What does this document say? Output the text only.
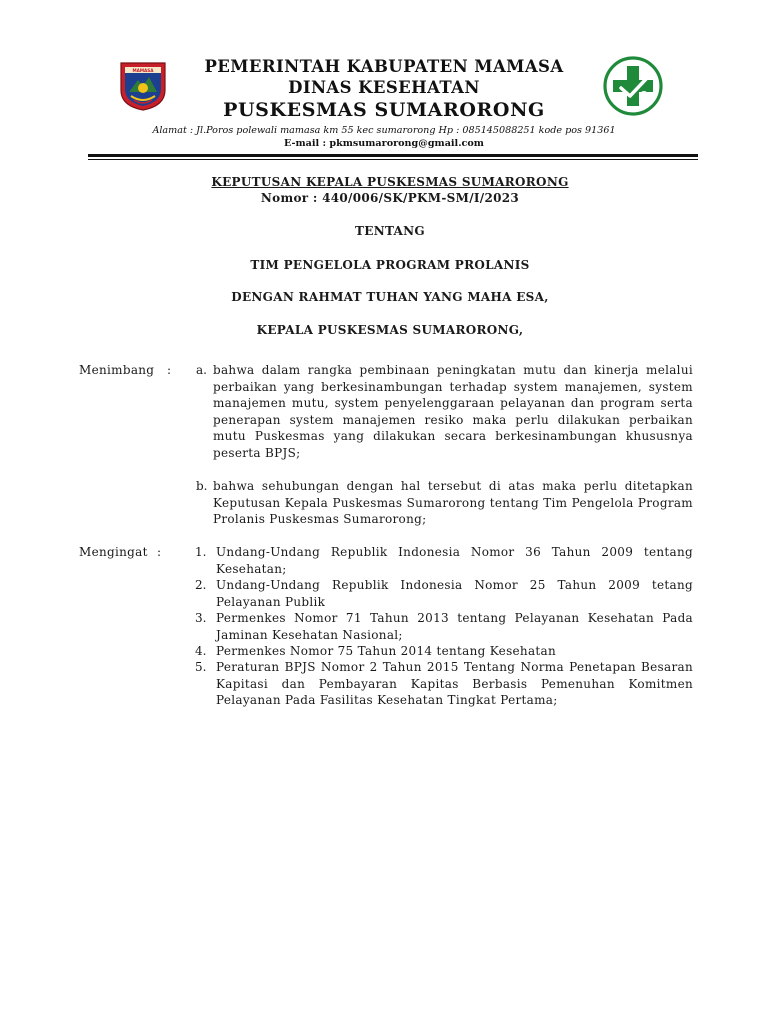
MAMASA	PEMERINTAH KABUPATEN MAMASA
DINAS KESEHATAN
PUSKESMAS SUMARORONG
Alamat : Jl.Poros polewali mamasa km 55 kec sumarorong Hp : 085145088251 kode pos 91361
E-mail : pkmsumarorong@gmail.com
KEPUTUSAN KEPALA PUSKESMAS SUMARORONG
Nomor : 440/006/SK/PKM-SM/I/2023
TENTANG
TIM PENGELOLA PROGRAM PROLANIS
DENGAN RAHMAT TUHAN YANG MAHA ESA,
KEPALA PUSKESMAS SUMARORONG,
Menimbang : a. bahwa dalam rangka pembinaan peningkatan mutu dan kinerja melalui perbaikan yang berkesinambungan terhadap system manajemen, system manajemen mutu, system penyelenggaraan pelayanan dan program serta penerapan system manajemen resiko maka perlu dilakukan perbaikan mutu Puskesmas yang dilakukan secara berkesinambungan khususnya peserta BPJS;

b. bahwa sehubungan dengan hal tersebut di atas maka perlu ditetapkan Keputusan Kepala Puskesmas Sumarorong tentang Tim Pengelola Program Prolanis Puskesmas Sumarorong;

Mengingat :	1. Undang-Undang Republik Indonesia Nomor 36 Tahun 2009 tentang Kesehatan;

2. Undang-Undang Republik Indonesia Nomor 25 Tahun 2009 tetang Pelayanan Publik

3. Permenkes Nomor 71 Tahun 2013 tentang Pelayanan Kesehatan Pada Jaminan Kesehatan Nasional;

4. Permenkes Nomor 75 Tahun 2014 tentang Kesehatan

5. Peraturan BPJS Nomor 2 Tahun 2015 Tentang Norma Penetapan Besaran Kapitasi dan Pembayaran Kapitas Berbasis Pemenuhan Komitmen Pelayanan Pada Fasilitas Kesehatan Tingkat Pertama;
